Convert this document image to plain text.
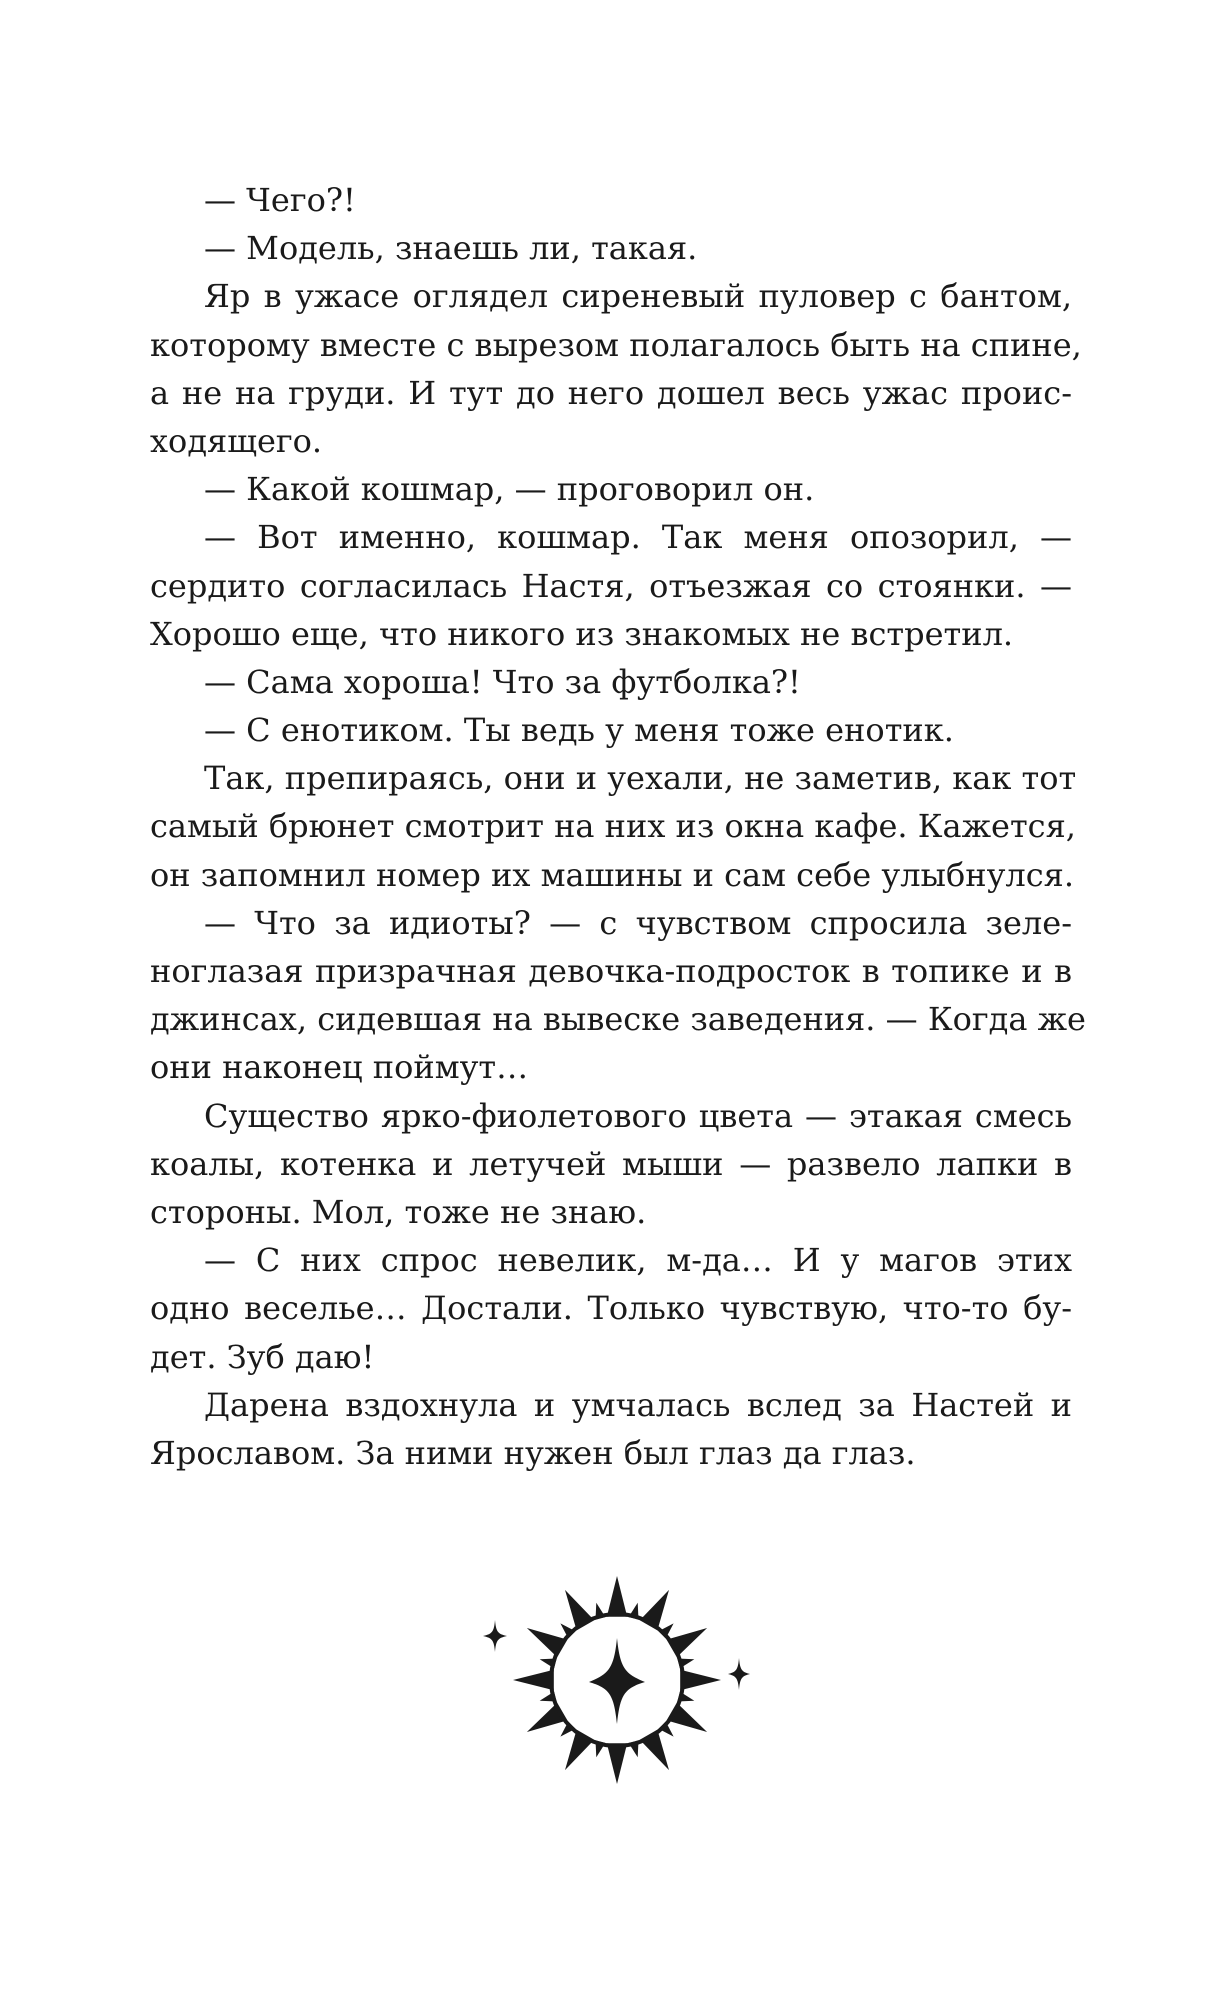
— Чего?!
— Модель, знаешь ли, такая.
Яр в ужасе оглядел сиреневый пуловер с бантом,
которому вместе с вырезом полагалось быть на спине,
а не на груди. И тут до него дошел весь ужас проис-
ходящего.
— Какой кошмар, — проговорил он.
— Вот именно, кошмар. Так меня опозорил, —
сердито согласилась Настя, отъезжая со стоянки. —
Хорошо еще, что никого из знакомых не встретил.
— Сама хороша! Что за футболка?!
— С енотиком. Ты ведь у меня тоже енотик.
Так, препираясь, они и уехали, не заметив, как тот
самый брюнет смотрит на них из окна кафе. Кажется,
он запомнил номер их машины и сам себе улыбнулся.
— Что за идиоты? — с чувством спросила зеле-
ноглазая призрачная девочка-подросток в топике и в
джинсах, сидевшая на вывеске заведения. — Когда же
они наконец поймут…
Существо ярко-фиолетового цвета — этакая смесь
коалы, котенка и летучей мыши — развело лапки в
стороны. Мол, тоже не знаю.
— С них спрос невелик, м-да… И у магов этих
одно веселье… Достали. Только чувствую, что-то бу-
дет. Зуб даю!
Дарена вздохнула и умчалась вслед за Настей и
Ярославом. За ними нужен был глаз да глаз.
